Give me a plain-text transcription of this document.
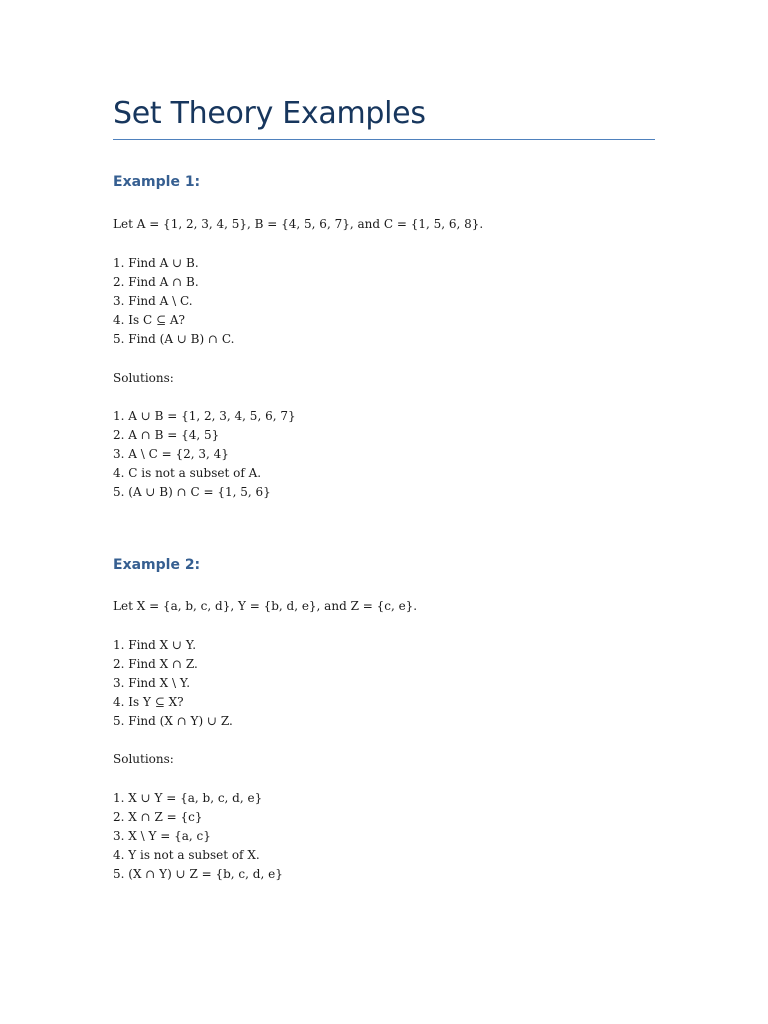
Set Theory Examples
Example 1:
Let A = {1, 2, 3, 4, 5}, B = {4, 5, 6, 7}, and C = {1, 5, 6, 8}.
1. Find A ∪ B.
2. Find A ∩ B.
3. Find A \ C.
4. Is C ⊆ A?
5. Find (A ∪ B) ∩ C.
Solutions:
1. A ∪ B = {1, 2, 3, 4, 5, 6, 7}
2. A ∩ B = {4, 5}
3. A \ C = {2, 3, 4}
4. C is not a subset of A.
5. (A ∪ B) ∩ C = {1, 5, 6}
Example 2:
Let X = {a, b, c, d}, Y = {b, d, e}, and Z = {c, e}.
1. Find X ∪ Y.
2. Find X ∩ Z.
3. Find X \ Y.
4. Is Y ⊆ X?
5. Find (X ∩ Y) ∪ Z.
Solutions:
1. X ∪ Y = {a, b, c, d, e}
2. X ∩ Z = {c}
3. X \ Y = {a, c}
4. Y is not a subset of X.
5. (X ∩ Y) ∪ Z = {b, c, d, e}
